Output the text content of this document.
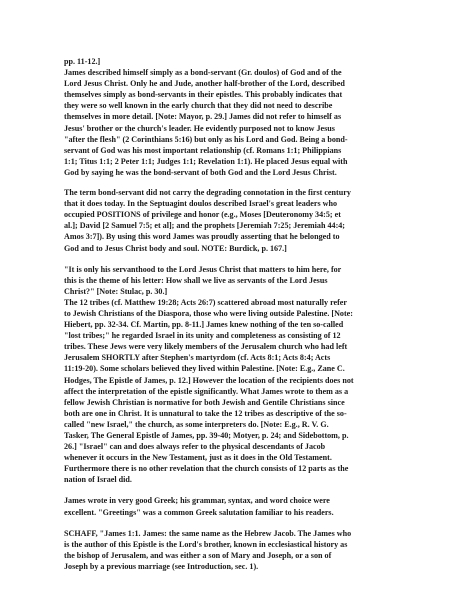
pp. 11-12.]
James described himself simply as a bond-servant (Gr. doulos) of God and of the
Lord Jesus Christ. Only he and Jude, another half-brother of the Lord, described
themselves simply as bond-servants in their epistles. This probably indicates that
they were so well known in the early church that they did not need to describe
themselves in more detail. [Note: Mayor, p. 29.] James did not refer to himself as
Jesus' brother or the church's leader. He evidently purposed not to know Jesus
"after the flesh" (2 Corinthians 5:16) but only as his Lord and God. Being a bond-
servant of God was his most important relationship (cf. Romans 1:1; Philippians
1:1; Titus 1:1; 2 Peter 1:1; Judges 1:1; Revelation 1:1). He placed Jesus equal with
God by saying he was the bond-servant of both God and the Lord Jesus Christ.

The term bond-servant did not carry the degrading connotation in the first century
that it does today. In the Septuagint doulos described Israel's great leaders who
occupied POSITIONS of privilege and honor (e.g., Moses [Deuteronomy 34:5; et
al.]; David [2 Samuel 7:5; et al]; and the prophets [Jeremiah 7:25; Jeremiah 44:4;
Amos 3:7]). By using this word James was proudly asserting that he belonged to
God and to Jesus Christ body and soul. NOTE: Burdick, p. 167.]

"It is only his servanthood to the Lord Jesus Christ that matters to him here, for
this is the theme of his letter: How shall we live as servants of the Lord Jesus
Christ?" [Note: Stulac, p. 30.]
The 12 tribes (cf. Matthew 19:28; Acts 26:7) scattered abroad most naturally refer
to Jewish Christians of the Diaspora, those who were living outside Palestine. [Note:
Hiebert, pp. 32-34. Cf. Martin, pp. 8-11.] James knew nothing of the ten so-called
"lost tribes;" he regarded Israel in its unity and completeness as consisting of 12
tribes. These Jews were very likely members of the Jerusalem church who had left
Jerusalem SHORTLY after Stephen's martyrdom (cf. Acts 8:1; Acts 8:4; Acts
11:19-20). Some scholars believed they lived within Palestine. [Note: E.g., Zane C.
Hodges, The Epistle of James, p. 12.] However the location of the recipients does not
affect the interpretation of the epistle significantly. What James wrote to them as a
fellow Jewish Christian is normative for both Jewish and Gentile Christians since
both are one in Christ. It is unnatural to take the 12 tribes as descriptive of the so-
called "new Israel," the church, as some interpreters do. [Note: E.g., R. V. G.
Tasker, The General Epistle of James, pp. 39-40; Motyer, p. 24; and Sidebottom, p.
26.] "Israel" can and does always refer to the physical descendants of Jacob
whenever it occurs in the New Testament, just as it does in the Old Testament.
Furthermore there is no other revelation that the church consists of 12 parts as the
nation of Israel did.

James wrote in very good Greek; his grammar, syntax, and word choice were
excellent. "Greetings" was a common Greek salutation familiar to his readers.

SCHAFF, "James 1:1. James: the same name as the Hebrew Jacob. The James who
is the author of this Epistle is the Lord's brother, known in ecclesiastical history as
the bishop of Jerusalem, and was either a son of Mary and Joseph, or a son of
Joseph by a previous marriage (see Introduction, sec. 1).
